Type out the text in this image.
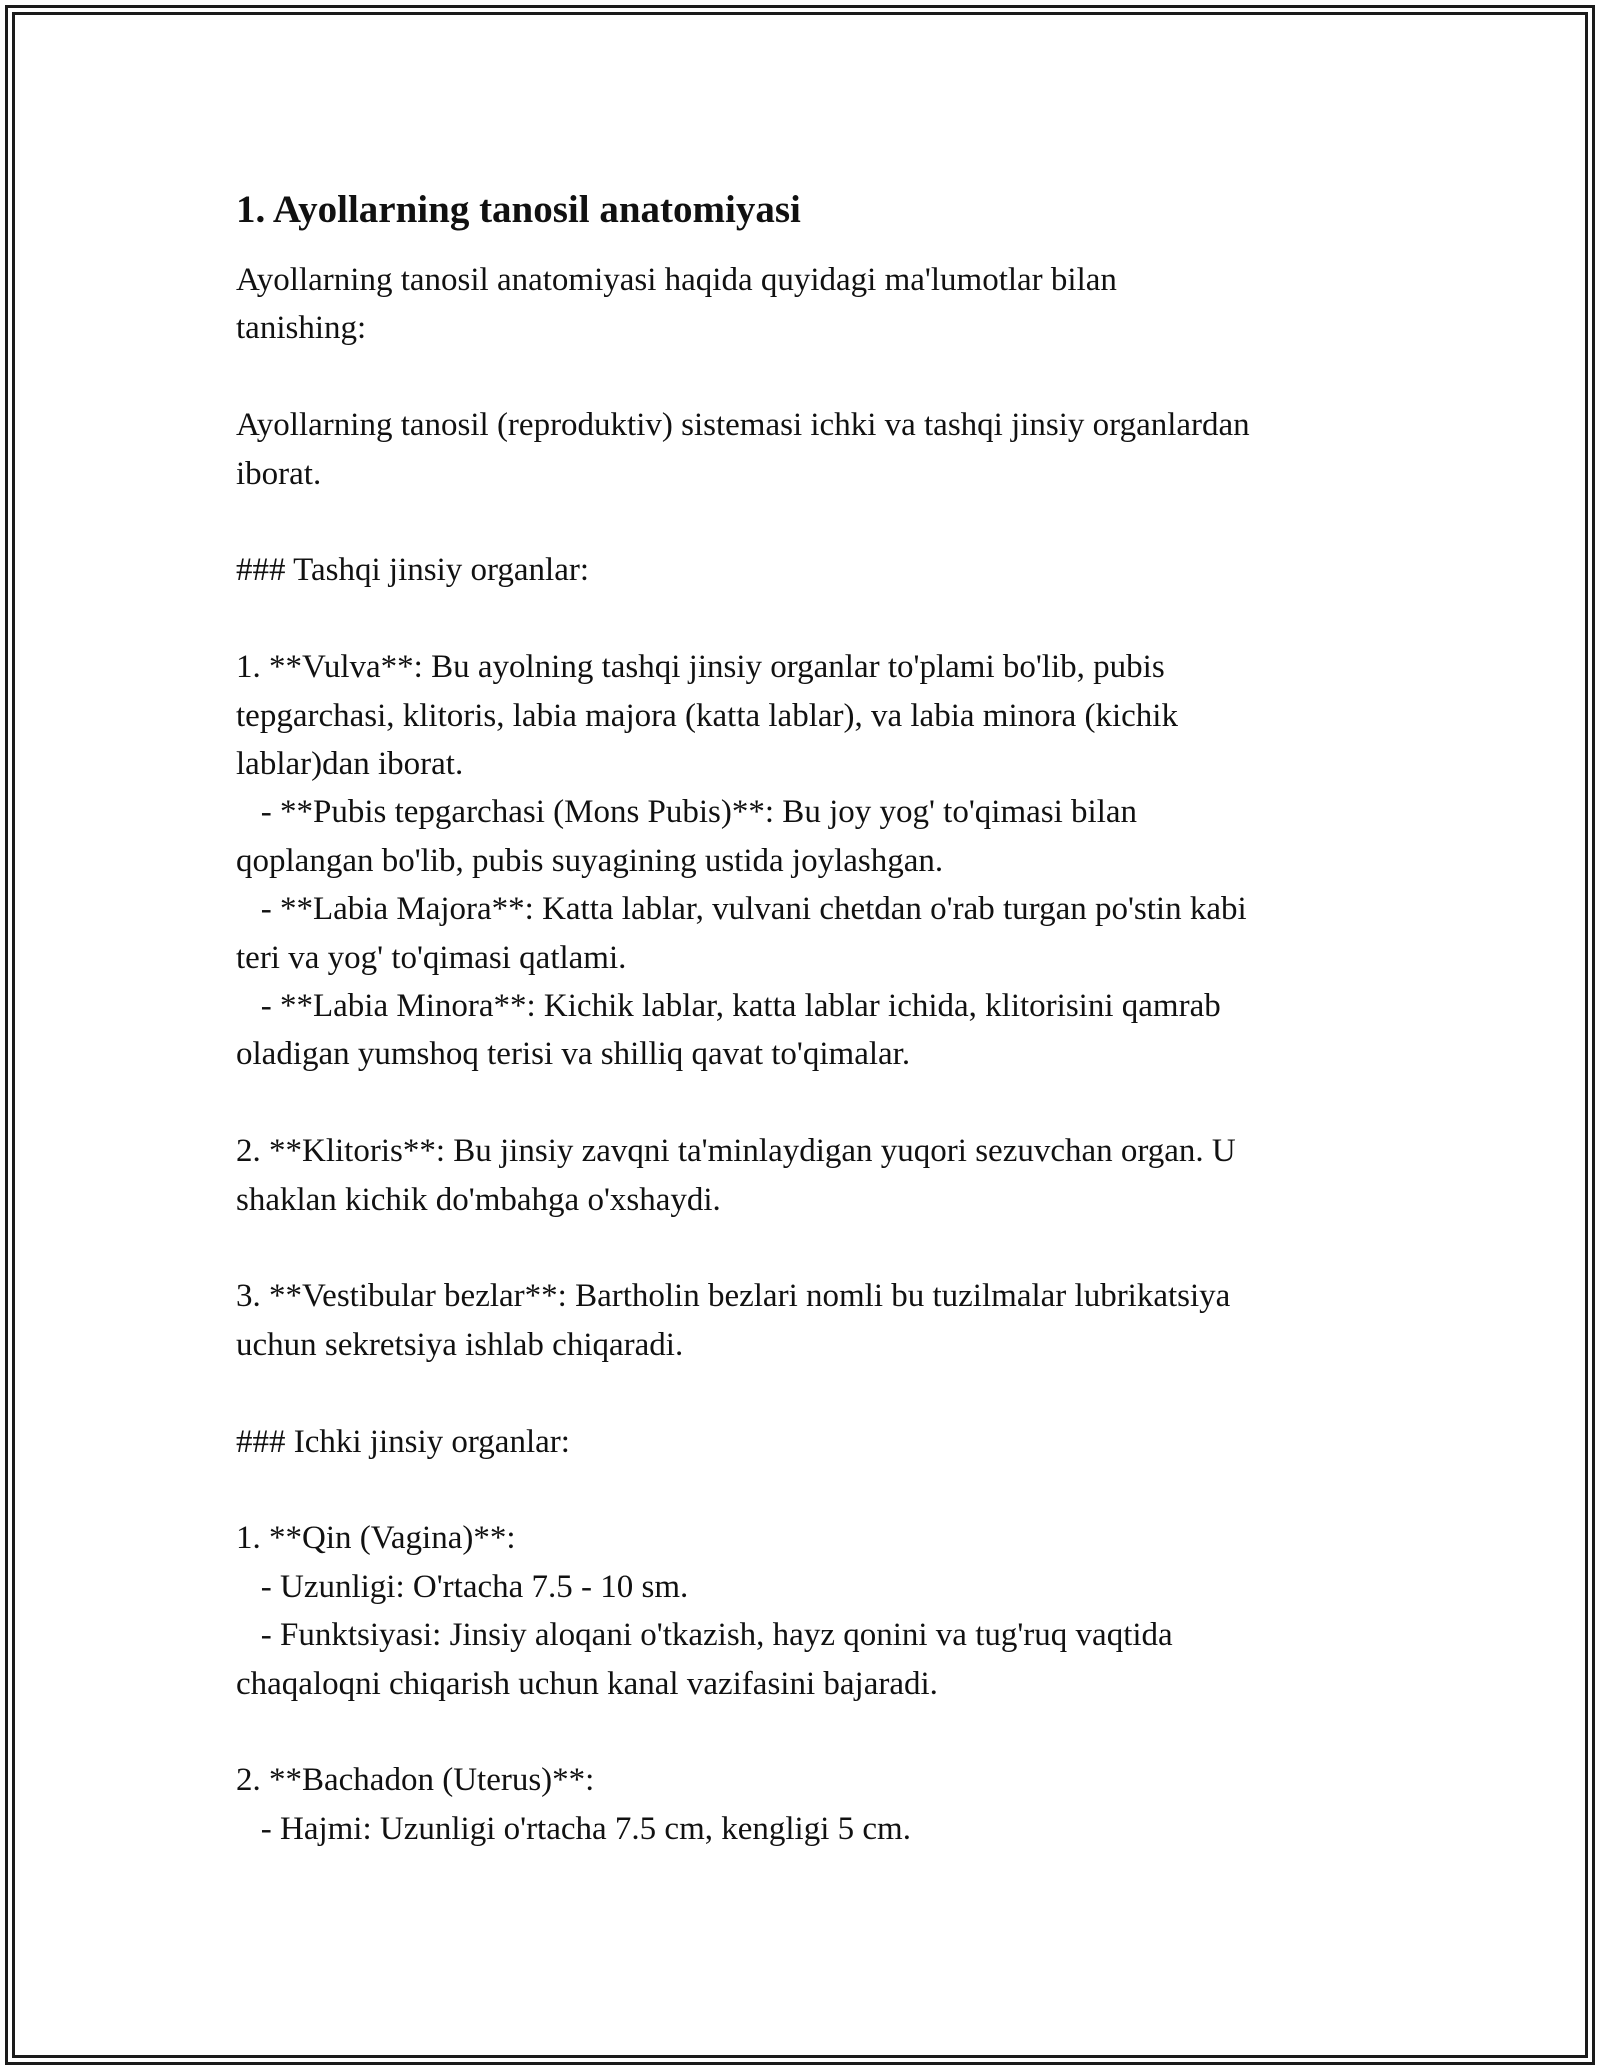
1. Ayollarning tanosil anatomiyasi
Ayollarning tanosil anatomiyasi haqida quyidagi ma'lumotlar bilan
tanishing:
Ayollarning tanosil (reproduktiv) sistemasi ichki va tashqi jinsiy organlardan
iborat.
### Tashqi jinsiy organlar:
1. **Vulva**: Bu ayolning tashqi jinsiy organlar to'plami bo'lib, pubis
tepgarchasi, klitoris, labia majora (katta lablar), va labia minora (kichik
lablar)dan iborat.
- **Pubis tepgarchasi (Mons Pubis)**: Bu joy yog' to'qimasi bilan
qoplangan bo'lib, pubis suyagining ustida joylashgan.
- **Labia Majora**: Katta lablar, vulvani chetdan o'rab turgan po'stin kabi
teri va yog' to'qimasi qatlami.
- **Labia Minora**: Kichik lablar, katta lablar ichida, klitorisini qamrab
oladigan yumshoq terisi va shilliq qavat to'qimalar.
2. **Klitoris**: Bu jinsiy zavqni ta'minlaydigan yuqori sezuvchan organ. U
shaklan kichik do'mbahga o'xshaydi.
3. **Vestibular bezlar**: Bartholin bezlari nomli bu tuzilmalar lubrikatsiya
uchun sekretsiya ishlab chiqaradi.
### Ichki jinsiy organlar:
1. **Qin (Vagina)**:
- Uzunligi: O'rtacha 7.5 - 10 sm.
- Funktsiyasi: Jinsiy aloqani o'tkazish, hayz qonini va tug'ruq vaqtida
chaqaloqni chiqarish uchun kanal vazifasini bajaradi.
2. **Bachadon (Uterus)**:
- Hajmi: Uzunligi o'rtacha 7.5 cm, kengligi 5 cm.
